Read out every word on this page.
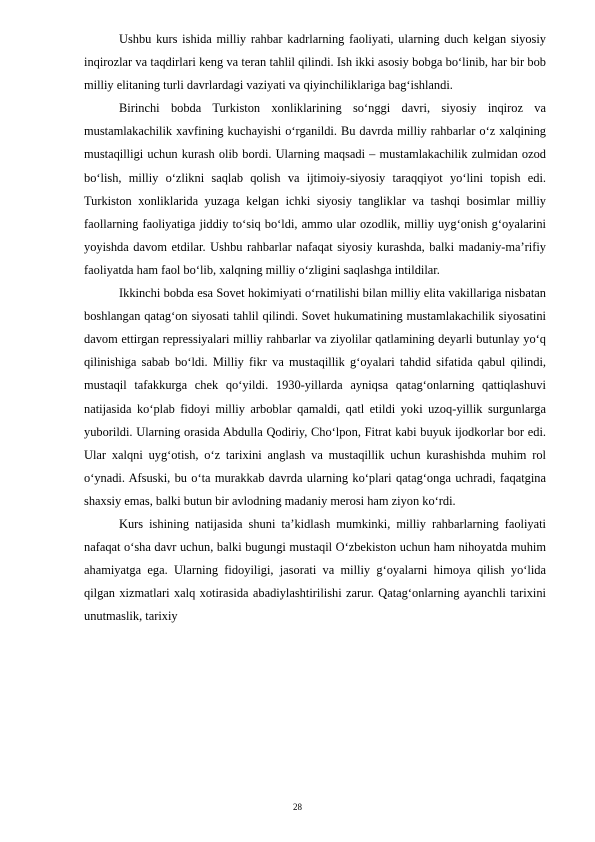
Ushbu kurs ishida milliy rahbar kadrlarning faoliyati, ularning duch kelgan siyosiy inqirozlar va taqdirlari keng va teran tahlil qilindi. Ish ikki asosiy bobga bo‘linib, har bir bob milliy elitaning turli davrlardagi vaziyati va qiyinchiliklariga bag‘ishlandi.

Birinchi bobda Turkiston xonliklarining so‘nggi davri, siyosiy inqiroz va mustamlakachilik xavfining kuchayishi o‘rganildi. Bu davrda milliy rahbarlar o‘z xalqining mustaqilligi uchun kurash olib bordi. Ularning maqsadi – mustamlakachilik zulmidan ozod bo‘lish, milliy o‘zlikni saqlab qolish va ijtimoiy-siyosiy taraqqiyot yo‘lini topish edi. Turkiston xonliklarida yuzaga kelgan ichki siyosiy tangliklar va tashqi bosimlar milliy faollarning faoliyatiga jiddiy to‘siq bo‘ldi, ammo ular ozodlik, milliy uyg‘onish g‘oyalarini yoyishda davom etdilar. Ushbu rahbarlar nafaqat siyosiy kurashda, balki madaniy-ma’rifiy faoliyatda ham faol bo‘lib, xalqning milliy o‘zligini saqlashga intildilar.

Ikkinchi bobda esa Sovet hokimiyati o‘rnatilishi bilan milliy elita vakillariga nisbatan boshlangan qatag‘on siyosati tahlil qilindi. Sovet hukumatining mustamlakachilik siyosatini davom ettirgan repressiyalari milliy rahbarlar va ziyolilar qatlamining deyarli butunlay yo‘q qilinishiga sabab bo‘ldi. Milliy fikr va mustaqillik g‘oyalari tahdid sifatida qabul qilindi, mustaqil tafakkurga chek qo‘yildi. 1930-yillarda ayniqsa qatag‘onlarning qattiqlashuvi natijasida ko‘plab fidoyi milliy arboblar qamaldi, qatl etildi yoki uzoq-yillik surgunlarga yuborildi. Ularning orasida Abdulla Qodiriy, Cho‘lpon, Fitrat kabi buyuk ijodkorlar bor edi. Ular xalqni uyg‘otish, o‘z tarixini anglash va mustaqillik uchun kurashishda muhim rol o‘ynadi. Afsuski, bu o‘ta murakkab davrda ularning ko‘plari qatag‘onga uchradi, faqatgina shaxsiy emas, balki butun bir avlodning madaniy merosi ham ziyon ko‘rdi.

Kurs ishining natijasida shuni ta’kidlash mumkinki, milliy rahbarlarning faoliyati nafaqat o‘sha davr uchun, balki bugungi mustaqil O‘zbekiston uchun ham nihoyatda muhim ahamiyatga ega. Ularning fidoyiligi, jasorati va milliy g‘oyalarni himoya qilish yo‘lida qilgan xizmatlari xalq xotirasida abadiylashtirilishi zarur. Qatag‘onlarning ayanchli tarixini unutmaslik, tarixiy

28
